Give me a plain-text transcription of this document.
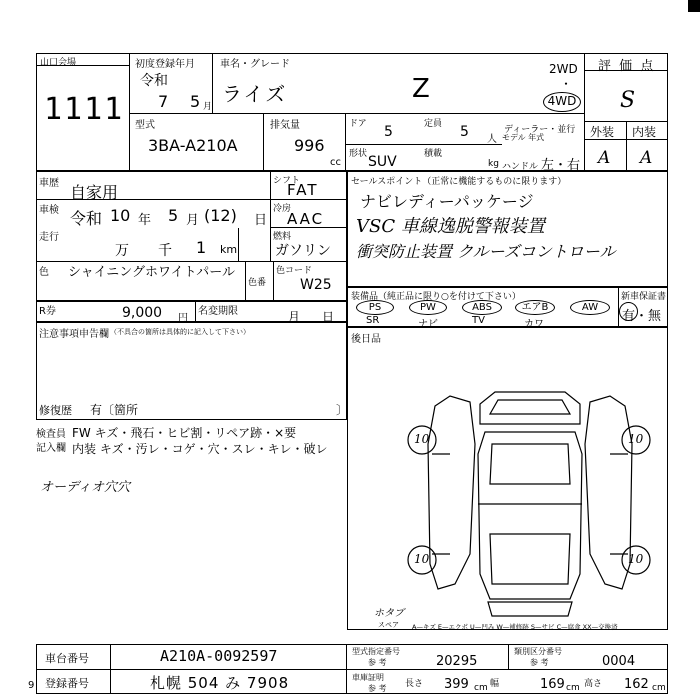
山口会場
1111
初度登録年月	車名・グレード
令和
7 5 月
ライズ	Z
2WD
・
4WD
型式
3BA-A210A
排気量
996
cc
ドア 5	定員 5 人
ディーラー・並行
モデル 年式
形状 SUV	積載
kg ハンドル 左・右
評 価 点
S
外装 内装
A A
車歴 自家用
シフト
FAT
車検 令和 10 年 5 月 (12) 日
冷房
AAC
走行
万 千 1 km
燃料
ガソリン
色 シャイニングホワイトパール
色番
色コード
W25
R券	9,000 円
名変期限	月 日
注意事項申告欄 （不具合の箇所は具体的に記入して下さい）
修復歴 有〔箇所	〕
検査員
記入欄
FW キズ・飛石・ヒビ割・リペア跡・×要
内装 キズ・汚レ・コゲ・穴・スレ・キレ・破レ
オーディオ穴穴
セールスポイント（正常に機能するものに限ります）
ナビレディーパッケージ
VSC 車線逸脱警報装置
衝突防止装置 クルーズコントロール
装備品（純正品に限り○を付けて下さい）	新車保証書
有・無
PS
SR
PW
ナビ
ABS
TV
エアB
カワ
AW
後日品
10	10
10	10
ホタブ
スペア A—キズ E—エクボ U—凹み W—補修跡 S—サビ C—腐食 XX—交換済
車台番号	A210A-0092597
登録番号	札幌 504 み 7908
9
型式指定番号
参 考	20295
類別区分番号
参 考	0004
車庫証明
参 考 長さ 399 cm 幅	169 cm 高さ 162 cm
